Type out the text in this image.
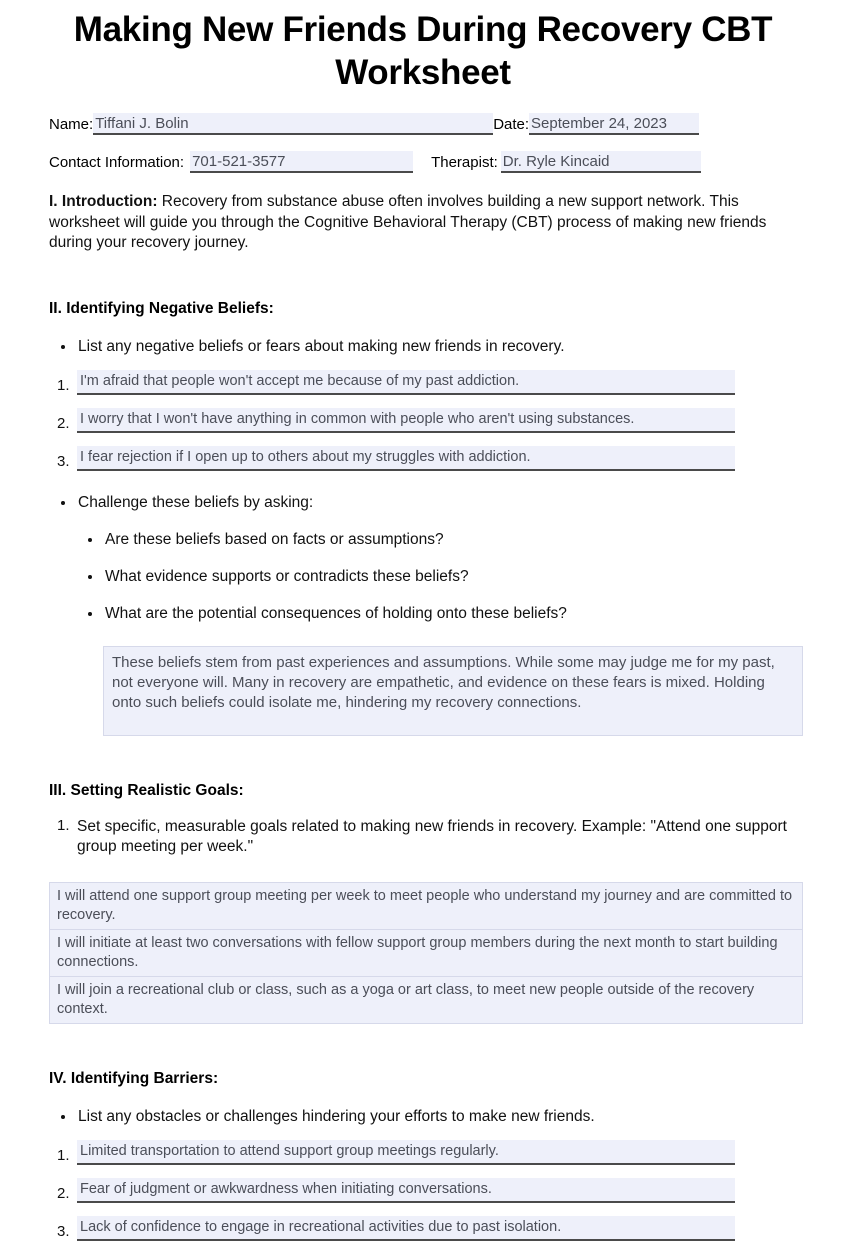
Making New Friends During Recovery CBT Worksheet
Name: Tiffani J. Bolin	Date: September 24, 2023
Contact Information: 701-521-3577	Therapist: Dr. Ryle Kincaid
I. Introduction: Recovery from substance abuse often involves building a new support network. This worksheet will guide you through the Cognitive Behavioral Therapy (CBT) process of making new friends during your recovery journey.
II. Identifying Negative Beliefs:
List any negative beliefs or fears about making new friends in recovery.
1. I'm afraid that people won't accept me because of my past addiction.
2. I worry that I won't have anything in common with people who aren't using substances.
3. I fear rejection if I open up to others about my struggles with addiction.
Challenge these beliefs by asking:
Are these beliefs based on facts or assumptions?
What evidence supports or contradicts these beliefs?
What are the potential consequences of holding onto these beliefs?
These beliefs stem from past experiences and assumptions. While some may judge me for my past, not everyone will. Many in recovery are empathetic, and evidence on these fears is mixed. Holding onto such beliefs could isolate me, hindering my recovery connections.
III. Setting Realistic Goals:
1. Set specific, measurable goals related to making new friends in recovery. Example: "Attend one support group meeting per week."
I will attend one support group meeting per week to meet people who understand my journey and are committed to recovery.
I will initiate at least two conversations with fellow support group members during the next month to start building connections.
I will join a recreational club or class, such as a yoga or art class, to meet new people outside of the recovery context.
IV. Identifying Barriers:
List any obstacles or challenges hindering your efforts to make new friends.
1. Limited transportation to attend support group meetings regularly.
2. Fear of judgment or awkwardness when initiating conversations.
3. Lack of confidence to engage in recreational activities due to past isolation.
